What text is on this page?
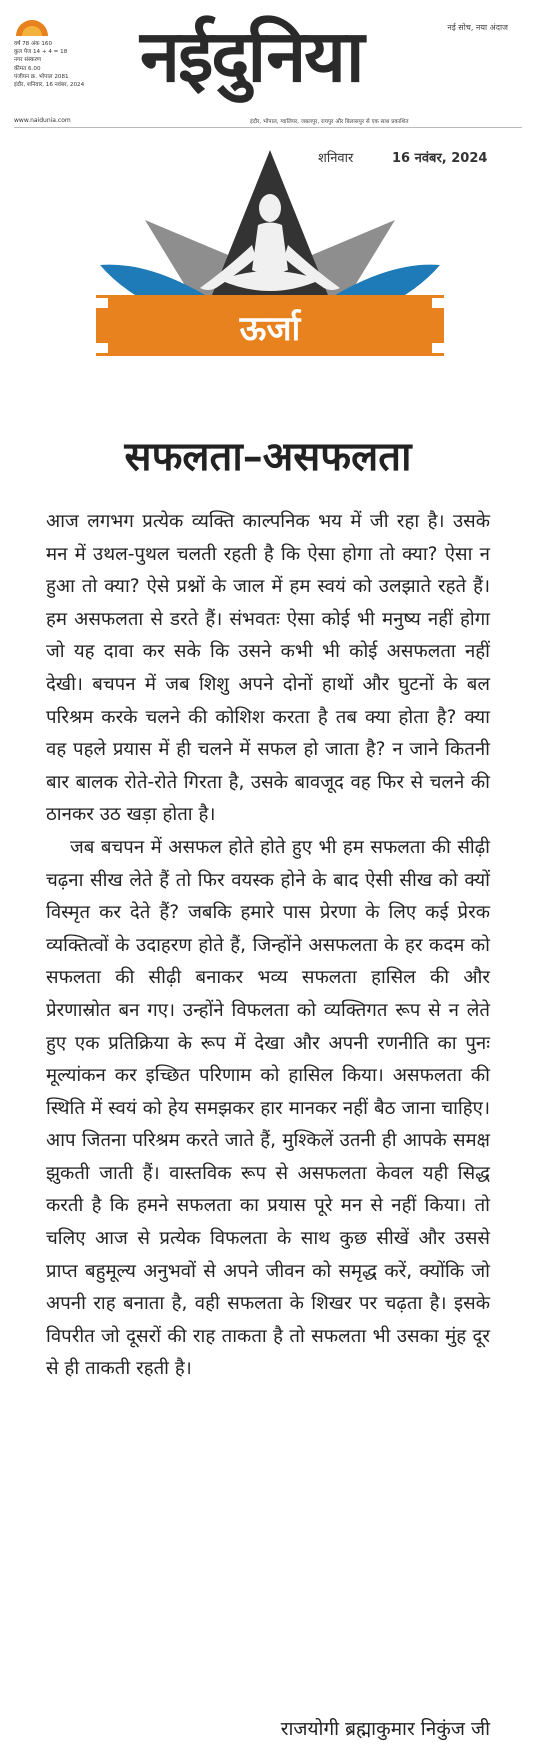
वर्ष 78 अंक 160
कुल पेज 14 + 4 = 18
नगर संस्करण
कीमत 6.00
पंजीयन क्र. भोपाल 2081
इंदौर, शनिवार, 16 नवंबर, 2024
www.naidunia.com
नईदुनिया	नई सोच, नया अंदाज
इंदौर, भोपाल, ग्वालियर, जबलपुर, रायपुर और बिलासपुर से एक साथ प्रकाशित
शनिवार	16 नवंबर, 2024
ऊर्जा
सफलता–असफलता

आज लगभग प्रत्येक व्यक्ति काल्पनिक भय में जी रहा है। उसके मन में उथल-पुथल चलती रहती है कि ऐसा होगा तो क्या? ऐसा न हुआ तो क्या? ऐसे प्रश्नों के जाल में हम स्वयं को उलझाते रहते हैं। हम असफलता से डरते हैं। संभवतः ऐसा कोई भी मनुष्य नहीं होगा जो यह दावा कर सके कि उसने कभी भी कोई असफलता नहीं देखी। बचपन में जब शिशु अपने दोनों हाथों और घुटनों के बल परिश्रम करके चलने की कोशिश करता है तब क्या होता है? क्या वह पहले प्रयास में ही चलने में सफल हो जाता है? न जाने कितनी बार बालक रोते-रोते गिरता है, उसके बावजूद वह फिर से चलने की ठानकर उठ खड़ा होता है।

जब बचपन में असफल होते होते हुए भी हम सफलता की सीढ़ी चढ़ना सीख लेते हैं तो फिर वयस्क होने के बाद ऐसी सीख को क्यों विस्मृत कर देते हैं? जबकि हमारे पास प्रेरणा के लिए कई प्रेरक व्यक्तित्वों के उदाहरण होते हैं, जिन्होंने असफलता के हर कदम को सफलता की सीढ़ी बनाकर भव्य सफलता हासिल की और प्रेरणास्रोत बन गए। उन्होंने विफलता को व्यक्तिगत रूप से न लेते हुए एक प्रतिक्रिया के रूप में देखा और अपनी रणनीति का पुनः मूल्यांकन कर इच्छित परिणाम को हासिल किया। असफलता की स्थिति में स्वयं को हेय समझकर हार मानकर नहीं बैठ जाना चाहिए। आप जितना परिश्रम करते जाते हैं, मुश्किलें उतनी ही आपके समक्ष झुकती जाती हैं। वास्तविक रूप से असफलता केवल यही सिद्ध करती है कि हमने सफलता का प्रयास पूरे मन से नहीं किया। तो चलिए आज से प्रत्येक विफलता के साथ कुछ सीखें और उससे प्राप्त बहुमूल्य अनुभवों से अपने जीवन को समृद्ध करें, क्योंकि जो अपनी राह बनाता है, वही सफलता के शिखर पर चढ़ता है। इसके विपरीत जो दूसरों की राह ताकता है तो सफलता भी उसका मुंह दूर से ही ताकती रहती है।

राजयोगी ब्रह्माकुमार निकुंज जी
